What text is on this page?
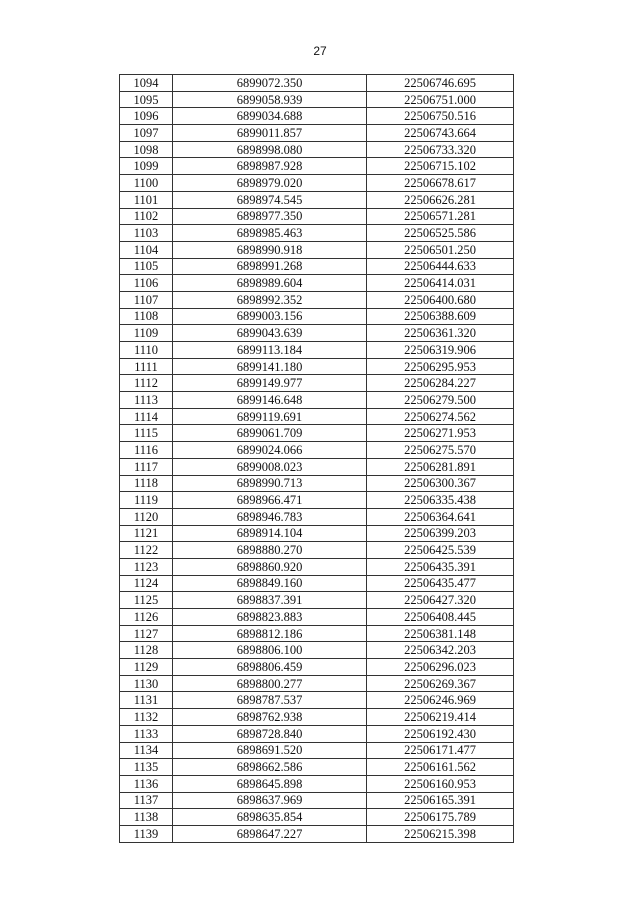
27
1094	6899072.350	22506746.695
1095	6899058.939	22506751.000
1096	6899034.688	22506750.516
1097	6899011.857	22506743.664
1098	6898998.080	22506733.320
1099	6898987.928	22506715.102
1100	6898979.020	22506678.617
1101	6898974.545	22506626.281
1102	6898977.350	22506571.281
1103	6898985.463	22506525.586
1104	6898990.918	22506501.250
1105	6898991.268	22506444.633
1106	6898989.604	22506414.031
1107	6898992.352	22506400.680
1108	6899003.156	22506388.609
1109	6899043.639	22506361.320
1110	6899113.184	22506319.906
1111	6899141.180	22506295.953
1112	6899149.977	22506284.227
1113	6899146.648	22506279.500
1114	6899119.691	22506274.562
1115	6899061.709	22506271.953
1116	6899024.066	22506275.570
1117	6899008.023	22506281.891
1118	6898990.713	22506300.367
1119	6898966.471	22506335.438
1120	6898946.783	22506364.641
1121	6898914.104	22506399.203
1122	6898880.270	22506425.539
1123	6898860.920	22506435.391
1124	6898849.160	22506435.477
1125	6898837.391	22506427.320
1126	6898823.883	22506408.445
1127	6898812.186	22506381.148
1128	6898806.100	22506342.203
1129	6898806.459	22506296.023
1130	6898800.277	22506269.367
1131	6898787.537	22506246.969
1132	6898762.938	22506219.414
1133	6898728.840	22506192.430
1134	6898691.520	22506171.477
1135	6898662.586	22506161.562
1136	6898645.898	22506160.953
1137	6898637.969	22506165.391
1138	6898635.854	22506175.789
1139	6898647.227	22506215.398
